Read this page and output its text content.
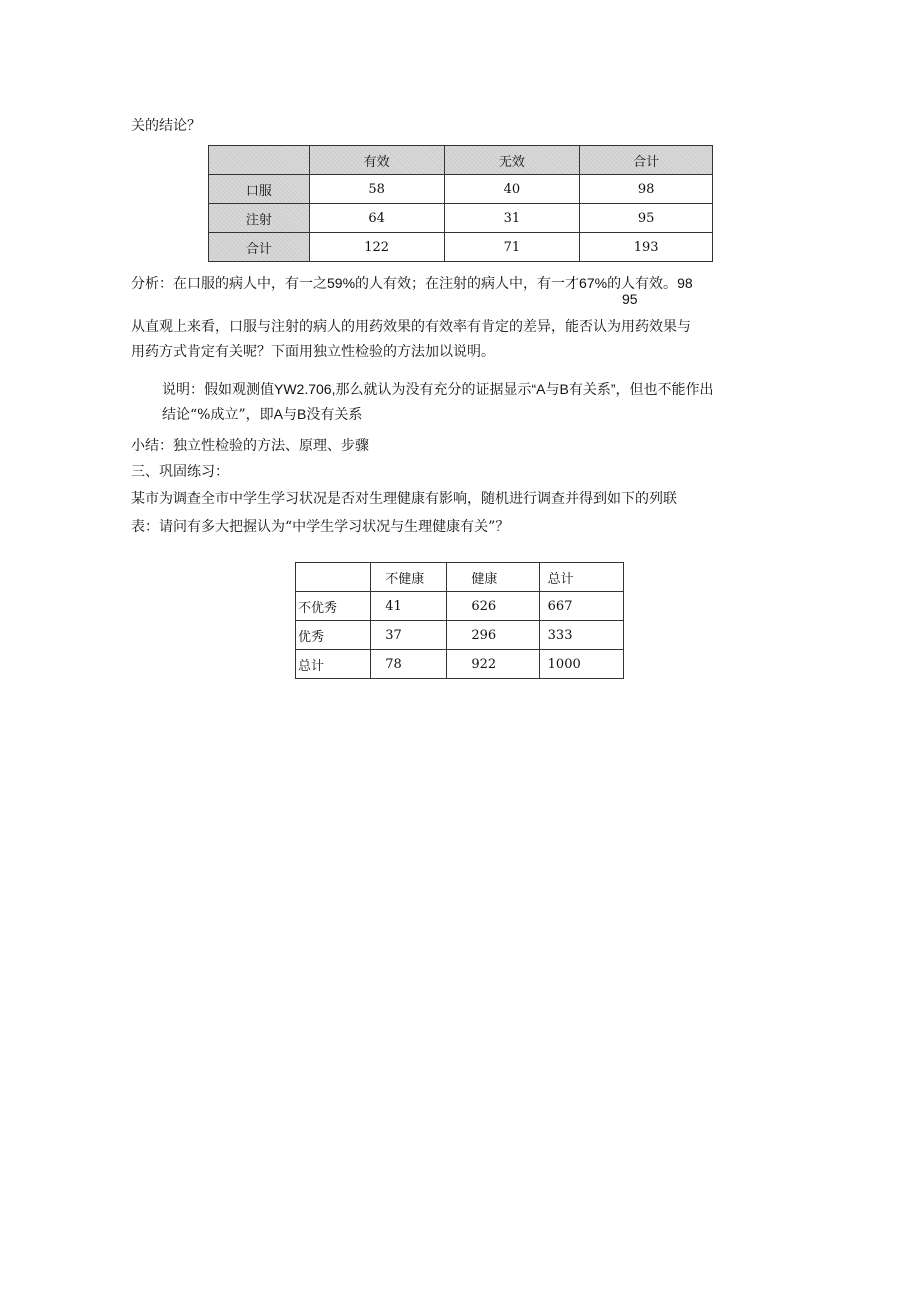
关的结论？
	有效	无效	合计
口服	58	40	98
注射	64	31	95
合计	122	71	193
分析：在口服的病人中，有一之59%的人有效；在注射的病人中，有一才67%的人有效。98
95
从直观上来看，口服与注射的病人的用药效果的有效率有肯定的差异，能否认为用药效果与
用药方式肯定有关呢？下面用独立性检验的方法加以说明。
说明：假如观测值YW2.706,那么就认为没有充分的证据显示“A与B有关系”，但也不能作出
结论“%成立”，即A与B没有关系
小结：独立性检验的方法、原理、步骤
三、巩固练习：
某市为调查全市中学生学习状况是否对生理健康有影响，随机进行调查并得到如下的列联
表：请问有多大把握认为“中学生学习状况与生理健康有关”？
	不健康	健康	总计
不优秀	41	626	667
优秀	37	296	333
总计	78	922	1000
